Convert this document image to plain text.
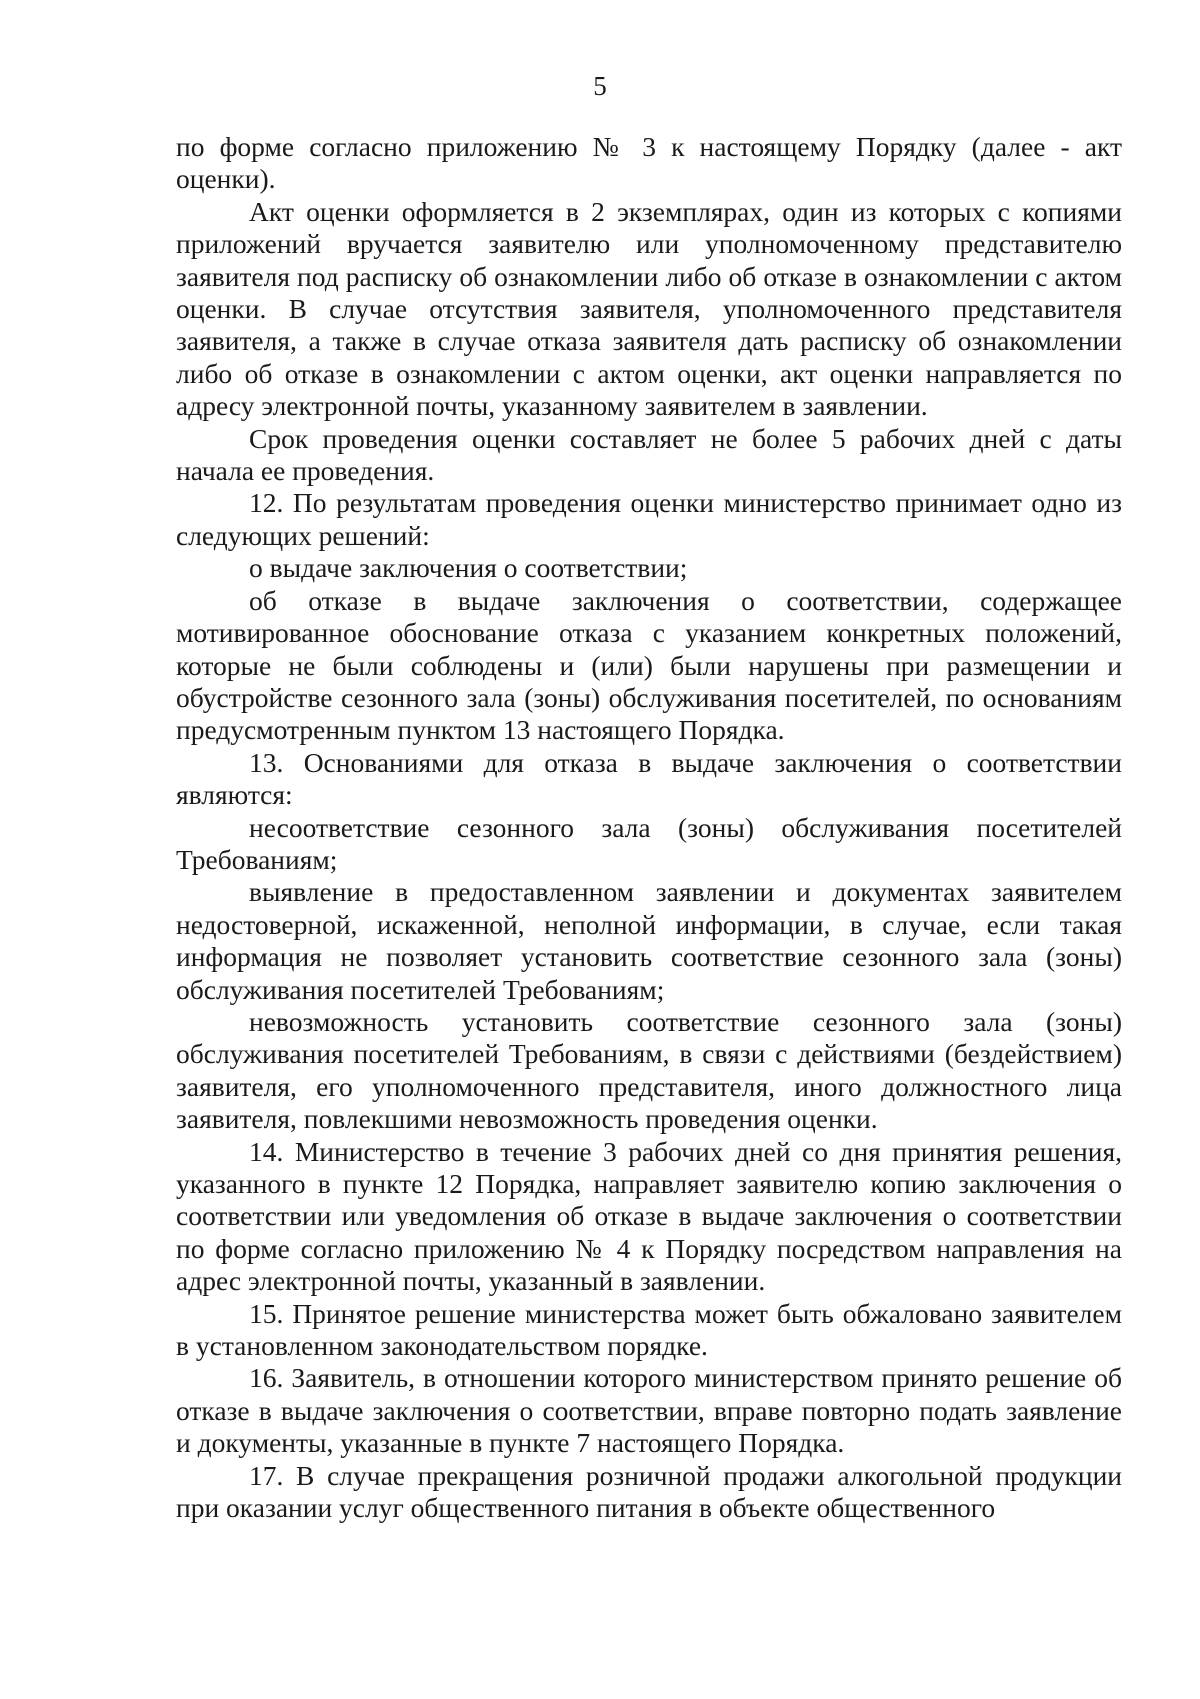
5

по форме согласно приложению № 3 к настоящему Порядку (далее - акт оценки).

Акт оценки оформляется в 2 экземплярах, один из которых с копиями приложений вручается заявителю или уполномоченному представителю заявителя под расписку об ознакомлении либо об отказе в ознакомлении с актом оценки. В случае отсутствия заявителя, уполномоченного представителя заявителя, а также в случае отказа заявителя дать расписку об ознакомлении либо об отказе в ознакомлении с актом оценки, акт оценки направляется по адресу электронной почты, указанному заявителем в заявлении.

Срок проведения оценки составляет не более 5 рабочих дней с даты начала ее проведения.

12. По результатам проведения оценки министерство принимает одно из следующих решений:

о выдаче заключения о соответствии;

об отказе в выдаче заключения о соответствии, содержащее мотивированное обоснование отказа с указанием конкретных положений, которые не были соблюдены и (или) были нарушены при размещении и обустройстве сезонного зала (зоны) обслуживания посетителей, по основаниям предусмотренным пунктом 13 настоящего Порядка.

13. Основаниями для отказа в выдаче заключения о соответствии являются:

несоответствие сезонного зала (зоны) обслуживания посетителей Требованиям;

выявление в предоставленном заявлении и документах заявителем недостоверной, искаженной, неполной информации, в случае, если такая информация не позволяет установить соответствие сезонного зала (зоны) обслуживания посетителей Требованиям;

невозможность установить соответствие сезонного зала (зоны) обслуживания посетителей Требованиям, в связи с действиями (бездействием) заявителя, его уполномоченного представителя, иного должностного лица заявителя, повлекшими невозможность проведения оценки.

14. Министерство в течение 3 рабочих дней со дня принятия решения, указанного в пункте 12 Порядка, направляет заявителю копию заключения о соответствии или уведомления об отказе в выдаче заключения о соответствии по форме согласно приложению № 4 к Порядку посредством направления на адрес электронной почты, указанный в заявлении.

15. Принятое решение министерства может быть обжаловано заявителем в установленном законодательством порядке.

16. Заявитель, в отношении которого министерством принято решение об отказе в выдаче заключения о соответствии, вправе повторно подать заявление и документы, указанные в пункте 7 настоящего Порядка.

17. В случае прекращения розничной продажи алкогольной продукции при оказании услуг общественного питания в объекте общественного
